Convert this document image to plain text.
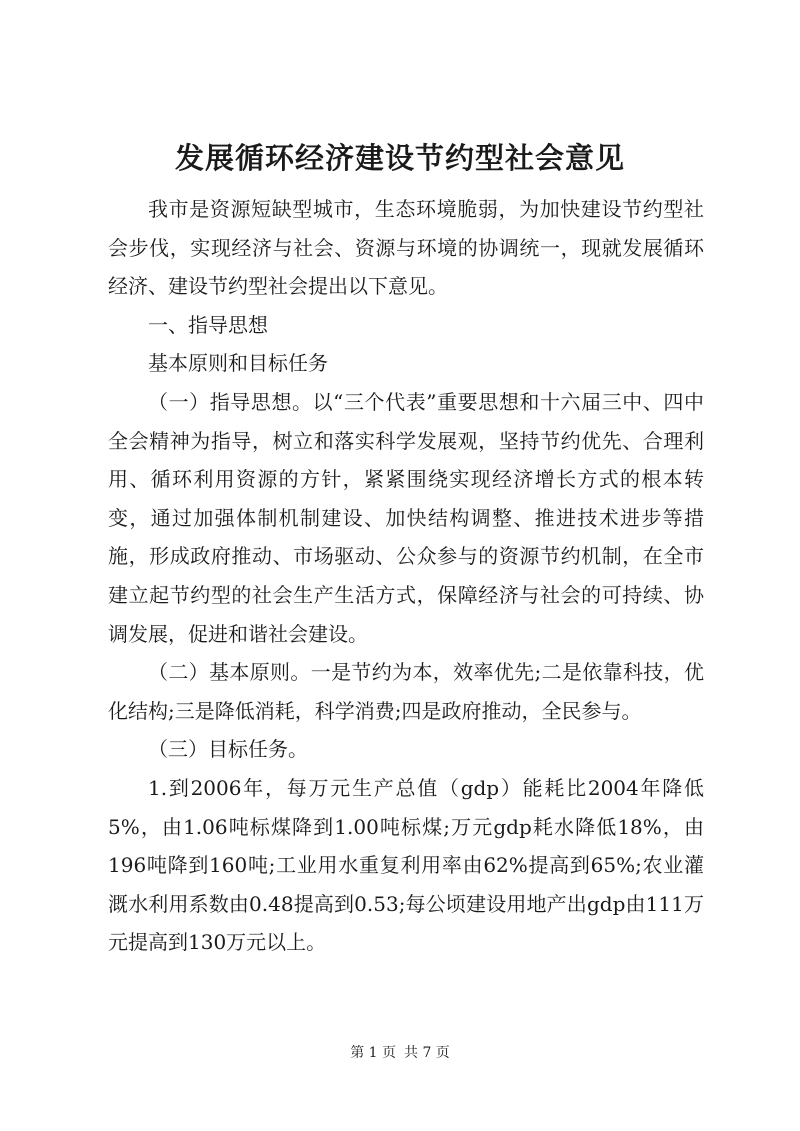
发展循环经济建设节约型社会意见

我市是资源短缺型城市，生态环境脆弱，为加快建设节约型社会步伐，实现经济与社会、资源与环境的协调统一，现就发展循环经济、建设节约型社会提出以下意见。

一、指导思想

基本原则和目标任务

（一）指导思想。以“三个代表”重要思想和十六届三中、四中全会精神为指导，树立和落实科学发展观，坚持节约优先、合理利用、循环利用资源的方针，紧紧围绕实现经济增长方式的根本转变，通过加强体制机制建设、加快结构调整、推进技术进步等措施，形成政府推动、市场驱动、公众参与的资源节约机制，在全市建立起节约型的社会生产生活方式，保障经济与社会的可持续、协调发展，促进和谐社会建设。

（二）基本原则。一是节约为本，效率优先;二是依靠科技，优化结构;三是降低消耗，科学消费;四是政府推动，全民参与。

（三）目标任务。

1.到2006年，每万元生产总值（gdp）能耗比2004年降低5%，由1.06吨标煤降到1.00吨标煤;万元gdp耗水降低18%，由196吨降到160吨;工业用水重复利用率由62%提高到65%;农业灌溉水利用系数由0.48提高到0.53;每公顷建设用地产出gdp由111万元提高到130万元以上。

第 1 页 共 7 页
